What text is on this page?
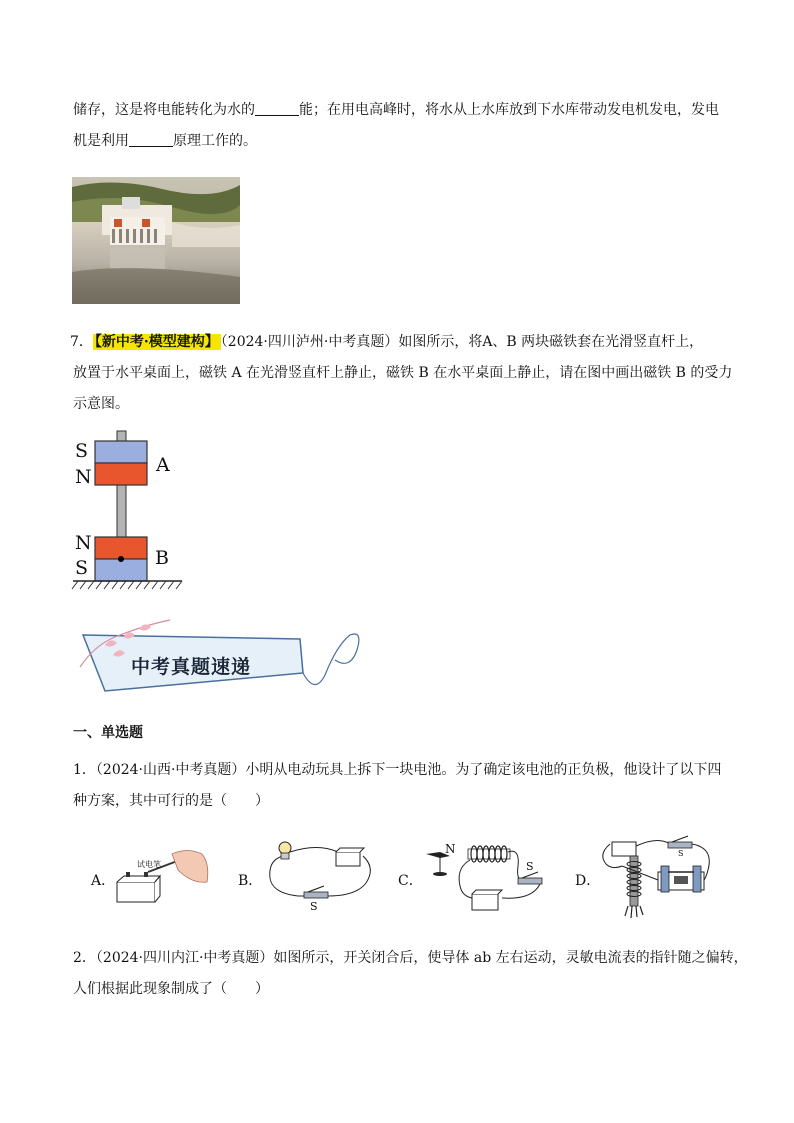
储存，这是将电能转化为水的	能；在用电高峰时，将水从上水库放到下水库带动发电机发电，发电
机是利用	原理工作的。
7． 【新中考·模型建构】 （2024·四川泸州·中考真题）如图所示，将A、B 两块磁铁套在光滑竖直杆上，
放置于水平桌面上，磁铁 A 在光滑竖直杆上静止，磁铁 B 在水平桌面上静止，请在图中画出磁铁 B 的受力
示意图。
S
N
A
N
S	B
中考真题速递
一、单选题
1．（2024·山西·中考真题）小明从电动玩具上拆下一块电池。为了确定该电池的正负极，他设计了以下四
种方案，其中可行的是（　　）
A．
试电笔
B．
S
C．
N
S
D．
S
2．（2024·四川内江·中考真题）如图所示，开关闭合后，使导体 ab 左右运动，灵敏电流表的指针随之偏转，
人们根据此现象制成了（　　）
